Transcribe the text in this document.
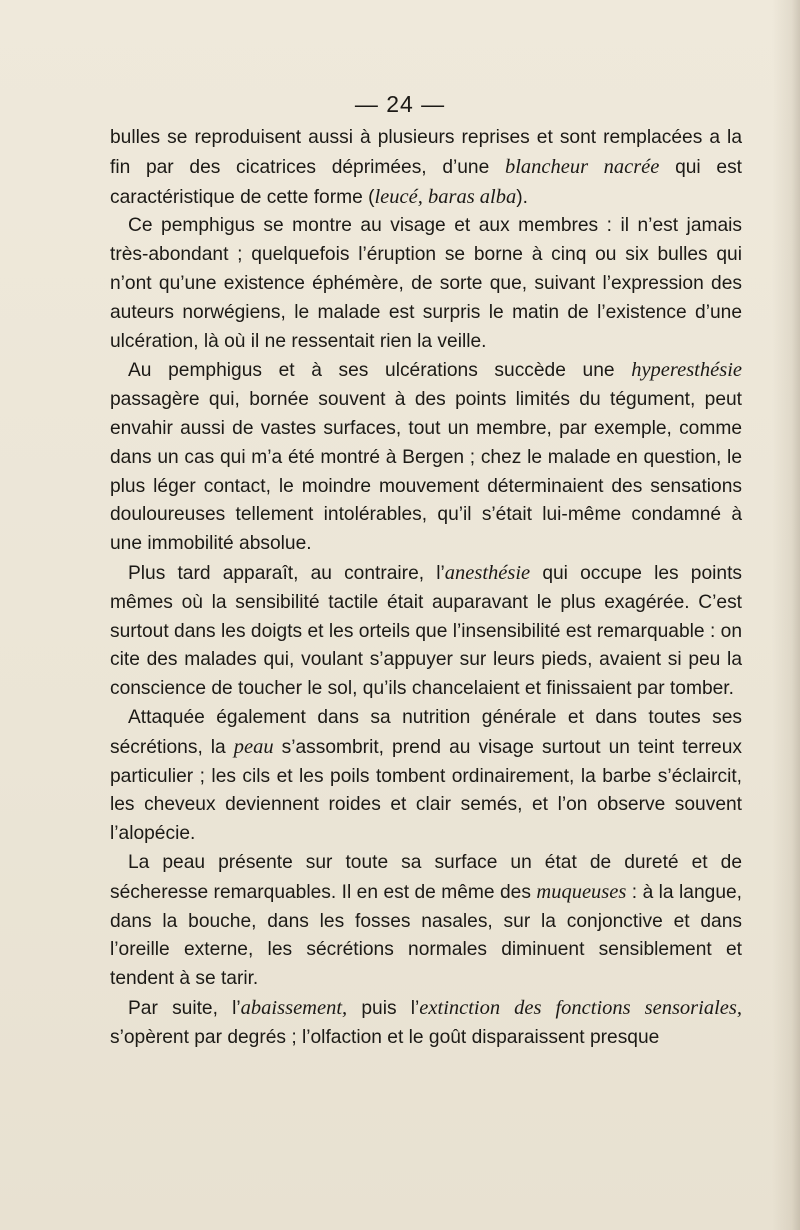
— 24 —

bulles se reproduisent aussi à plusieurs reprises et sont remplacées a la fin par des cicatrices déprimées, d’une blancheur nacrée qui est caractéristique de cette forme (leucé, baras alba).

Ce pemphigus se montre au visage et aux membres : il n’est jamais très-abondant ; quelquefois l’éruption se borne à cinq ou six bulles qui n’ont qu’une existence éphémère, de sorte que, suivant l’expression des auteurs norwégiens, le malade est surpris le matin de l’existence d’une ulcération, là où il ne ressentait rien la veille.

Au pemphigus et à ses ulcérations succède une hyperesthésie passagère qui, bornée souvent à des points limités du tégument, peut envahir aussi de vastes surfaces, tout un membre, par exemple, comme dans un cas qui m’a été montré à Bergen ; chez le malade en question, le plus léger contact, le moindre mouvement déterminaient des sensations douloureuses tellement intolérables, qu’il s’était lui-même condamné à une immobilité absolue.

Plus tard apparaît, au contraire, l’anesthésie qui occupe les points mêmes où la sensibilité tactile était auparavant le plus exagérée. C’est surtout dans les doigts et les orteils que l’insensibilité est remarquable : on cite des malades qui, voulant s’appuyer sur leurs pieds, avaient si peu la conscience de toucher le sol, qu’ils chancelaient et finissaient par tomber.

Attaquée également dans sa nutrition générale et dans toutes ses sécrétions, la peau s’assombrit, prend au visage surtout un teint terreux particulier ; les cils et les poils tombent ordinairement, la barbe s’éclaircit, les cheveux deviennent roides et clair semés, et l’on observe souvent l’alopécie.

La peau présente sur toute sa surface un état de dureté et de sécheresse remarquables. Il en est de même des muqueuses : à la langue, dans la bouche, dans les fosses nasales, sur la conjonctive et dans l’oreille externe, les sécrétions normales diminuent sensiblement et tendent à se tarir.

Par suite, l’abaissement, puis l’extinction des fonctions sensoriales, s’opèrent par degrés ; l’olfaction et le goût disparaissent presque
